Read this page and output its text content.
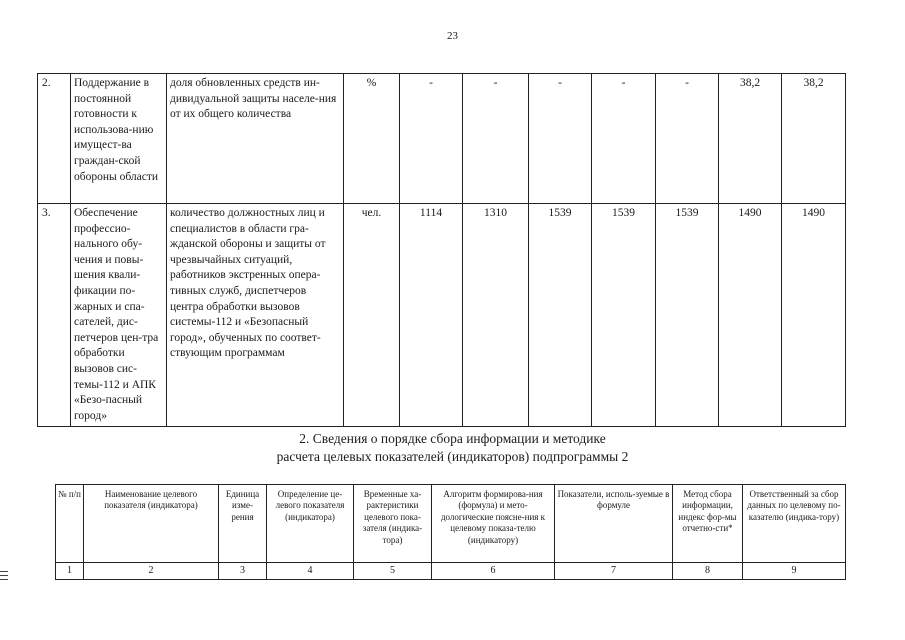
23
2.	Поддержание в постоянной готовности к использова-нию имущест-ва граждан-ской обороны области	доля обновленных средств ин-дивидуальной защиты населе-ния от их общего количества	%	-	-	-	-	-	38,2	38,2
3.	Обеспечение профессио-нального обу-чения и повы-шения квали-фикации по-жарных и спа-сателей, дис-петчеров цен-тра обработки вызовов сис-темы-112 и АПК «Безо-пасный город»	количество должностных лиц и специалистов в области гра-жданской обороны и защиты от чрезвычайных ситуаций, работников экстренных опера-тивных служб, диспетчеров центра обработки вызовов системы-112 и «Безопасный город», обученных по соответ-ствующим программам	чел.	1114	1310	1539	1539	1539	1490	1490
2. Сведения о порядке сбора информации и методике
расчета целевых показателей (индикаторов) подпрограммы 2
№ п/п	Наименование целевого показателя (индикатора)	Единица изме-рения	Определение це-левого показателя (индикатора)	Временные ха-рактеристики целевого пока-зателя (индика-тора)	Алгоритм формирова-ния (формула) и мето-дологические поясне-ния к целевому показа-телю (индикатору)	Показатели, исполь-зуемые в формуле	Метод сбора информации, индекс фор-мы отчетно-сти*	Ответственный за сбор данных по целевому по-казателю (индика-тору)
1	2	3	4	5	6	7	8	9
